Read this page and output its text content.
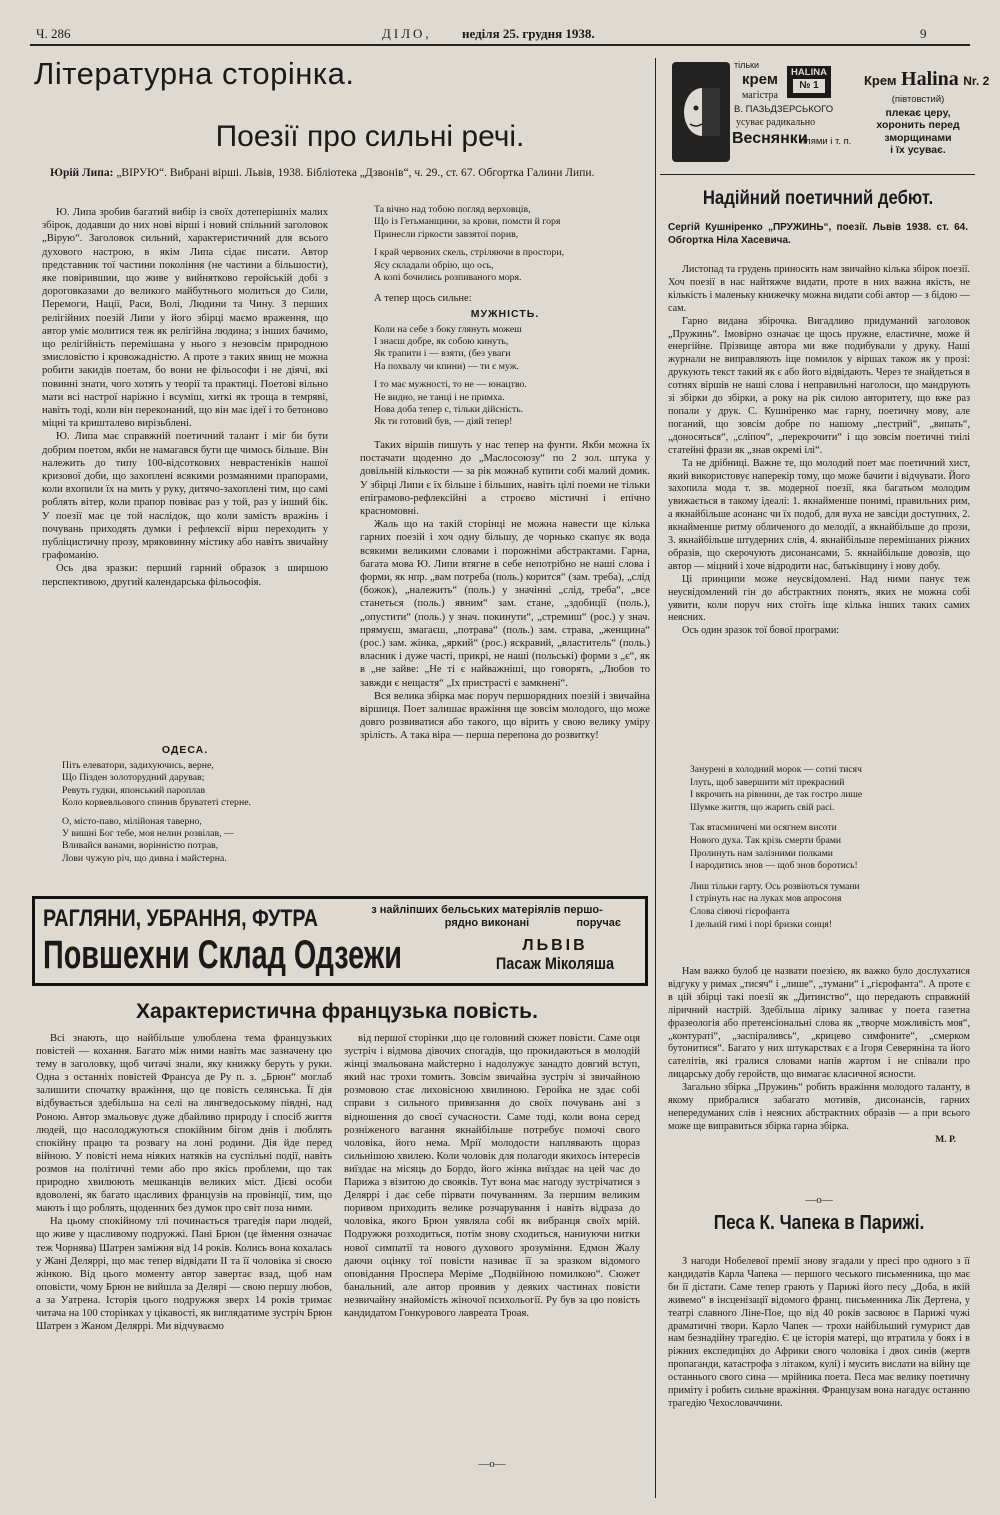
Ч. 286	ДІЛО, неділя 25. грудня 1938.	9
Літературна сторінка.
Поезії про сильні речі.
Юрій Липа: „ВІРУЮ“. Вибрані вірші. Львів, 1938. Бібліотека „Дзвонів“, ч. 29., ст. 67. Обгортка Галини Липи.

Ю. Липа зробив багатий вибір із своїх дотеперішніх малих збірок, додавши до них нові вірші і новий спільний заголовок „Вірую“. Заголовок сильний, характеристичний для всього духового настрою, в якім Липа сідає писати. Автор представник тої частини покоління (не частини а більшости), яке повірившии, що живе у вийнятково геройській добі з дороговказами до великого майбутнього молиться до Сили, Перемоги, Нації, Раси, Волі, Людини та Чину. З перших релігійних поезій Липи у його збірці маємо враження, що автор уміє молитися теж як релігійна людина; з інших бачимо, що релігійність перемішана у нього з незовсім природною змисловістю і кровожадністю. А проте з таких явищ не можна робити закидів поетам, бо вони не фільософи і не діячі, які повинні знати, чого хотять у теорії та практиці. Поетові вільно мати всі настрої наріжно і всуміш, хиткі як троща в темряві, навіть тоді, коли він переконаний, що він має ідеї і то бетоново міцні та кришталево вирізьблені.

Ю. Липа має справжній поетичний талант і міг би бути добрим поетом, якби не намагався бути ще чимось більше. Він належить до типу 100-відсоткових неврастеніків нашої кризової доби, що захоплені всякими розмаяними прапорами, коли вхопили їх на мить у руку, дитячо-захоплені тим, що самі роблять вітер, коли прапор повіває раз у той, раз у інший бік. У поезії має це той наслідок, що коли замість вражінь і почувань приходять думки і рефлексії вірш переходить у публіцистичну прозу, мряковинну містику або навіть звичайну графоманію.

Ось два зразки: перший гарний образок з ширшою перспективою, другий календарська фільософія.

ОДЕСА.
Піть елеватори, задихуючись, верне,
Що Пізден золоторудний дарував;
Ревуть гудки, японський пароплав
Коло корвевльового спинив бруватеті стерне.
О, місто-паво, мілійоная таверно,
У вишні Бог тебе, моя нелин розвілав, —
Вливайся ванами, ворінністю потрав,
Лови чужую річ, що дивна і майстерна.
Та вічно над тобою погляд верховців,
Що із Гетьманщини, за крови, помсти й горя
Принесли гіркости завзятої порив,
І край червоних скель, стріляючи в простори,
Ясу складали обрію, що ось,
А копі бочились розпиваного моря.
А тепер щось сильне:
МУЖНІСТЬ.
Коли на себе з боку глянуть можеш
І знаєш добре, як собою кинуть,
Як трапити і — взяти, (без уваги
На похвалу чи кпини) — ти є муж.
І то має мужності, то не — юнацтво.
Не видно, не танці і не примха.
Нова доба тепер є, тільки дійсність.
Як ти готовий був, — діяй тепер!

Таких віршів пишуть у нас тепер на фунти. Якби можна їх постачати щоденно до „Маслосоюзу“ по 2 зол. штука у довільній кількости — за рік можнаб купити собі малий домик. У збірці Липи є їх більше і більших, навіть цілі поеми не тільки епіграмово-рефлексійні а строєво містичні і епічно красномовні.

Жаль що на такій сторінці не можна навести ще кілька гарних поезій і хоч одну більшу, де чорнько скапує як вода всякими великими словами і порожніми абстрактами. Гарна, багата мова Ю. Липи втягне в себе непотрібно не наші слова і форми, як нпр. „вам потреба (поль.) корится“ (зам. треба), „слід (божок), „належить“ (поль.) у значінні „слід, треба“, „все станеться (поль.) явним“ зам. стане, „здобиції (поль.), „опустити“ (поль.) у знач. покинути“, „стремиш“ (рос.) у знач. прямуєш, змагаєш, „потрава“ (поль.) зам. страва, „женщина“ (рос.) зам. жінка, „яркий“ (рос.) яскравий, „властитель“ (поль.) власник і дуже часті, прикрі, не наші (польські) форми з „є“, як в „не зайве: „Не ті є найважніші, що говорять, „Любов то завжди є нещастя“ „Іх пристрасті є замкнені“.

Вся велика збірка має поруч першорядних поезій і звичайна віршиця. Поет залишає вражіння ще зовсім молодого, що може довго розвиватися або такого, що вірить у свою велику уміру зрілість. А така віра — перша перепона до розвитку!

тільки
крем
магістра
В. ПАЗЬДЗЕРСЬКОГО
усуває радикально
Веснянки
плями і т. п.
HALINA
№ 1	Крем Halina Nr. 2
(півтовстий)
плекає церу,
хоронить перед
зморщинами
і їх усуває.
Надійний поетичний дебют.
Сергій Кушніренко „ПРУЖИНЬ“, поезії. Львів 1938. ст. 64. Обгортка Ніла Хасевича.

Листопад та грудень приносять нам звичайно кілька збірок поезії. Хоч поезії в нас найтяжче видати, проте в них важна якість, не кількість і маленьку книжечку можна видати собі автор — з бідою — сам.

Гарно видана збірочка. Вигадливо придуманий заголовок „Пружинь“. Імовірно означає це щось пружне, еластичне, може й енергійне. Прізвище автора ми вже подибували у друку. Наші журнали не виправляють іще помилок у віршах також як у прозі: друкують текст такий як є або його відвідають. Через те знайдеться в сотнях віршів не наші слова і неправильні наголоси, що мандрують зі збірки до збірки, а року на рік силою авторитету, що вже раз попали у друк. С. Кушніренко має гарну, поетичну мову, але поганий, що зовсім добре по нашому „пестрий“, „випать“, „доносяться“, „сліпоч“, „перекрочити“ і що зовсім поетичні тиілі статейні фрази як „знав окремі ілі“.

Та не дрібниці. Важне те, що молодий поет має поетичний хист, який використовує наперекір тому, що може бачити і відчувати. Його захопила мода т. зв. модерної поезії, яка багатьом молодим увижається в такому ідеалі: 1. якнайменше понимі, правильних рим, а якнайбільше асонанс чи їх подоб, для вуха не завсіди доступних, 2. якнайменше ритму обличеного до мелодії, а якнайбільше до прози, 3. якнайбільше штудерних слів, 4. якнайбільше перемішаних ріжних образів, що скерочують дисонансами, 5. якнайбільше довозів, що автор — міцний і хоче відродити нас, батьківщину і нову добу.

Ці принципи може неусвідомлені. Над ними панує теж неусвідомлений гін до абстрактних понять, яких не можна собі уявити, коли поруч них стоїть іще кілька інших таких самих неясних.

Ось один зразок тої бової програми:

Занурені в холодний морок — сотні тисяч
Iлуть, щоб завершити міт прекрасний
І вкрочить на рівнини, де так гостро лише
Шумке життя, що жарить свій расі.
Так втасмничені ми осягнем висоти
Нового духа. Так крізь смерти брами
Пролинуть нам залізними полками
І народитись знов — щоб знов боротись!
Лиш тільки гарту. Ось розвіються тумани
І стрінуть нас на луках мов апросоня
Слова сіяючі гієрофанта
І дельній гимі і порі бризки сонця!

Нам важко булоб це назвати поезією, як важко було дослухатися відгуку у римах „тисяч“ і „лише“, „тумани“ і „гієрофанта“. А проте є в цій збірці такі поезії як „Дитинство“, що передають справжній ліричний настрій. Здебільша лірику заливає у поета газетна фразеологія або претенсіональні слова як „творче можливість моя“, „контураті“, „заспіраливсь“, „крицево симфоните“, „смерком бутонитися“. Багато у них штукарствах є а Ігоря Северяніна та його сателітів, які гралися словами напів жартом і не співали про лицарську добу геройств, що вимагає класичної ясности.

Загально збірка „Пружинь“ робить вражіння молодого таланту, в якому прибралися забагато мотивів, дисонансів, гарних непередуманих слів і неясних абстрактних образів — а при всього може ще виправиться збірка гарна збірка.

М. Р.
—o—
Песа К. Чапека в Парижі.

З нагоди Нобелевої премії знову згадали у пресі про одного з її кандидатів Карла Чапека — першого чеського письменника, що має би її дістати. Саме тепер грають у Парижі його песу „Доба, в якій живемо“ в інсценізації відомого франц. письменника Лік Дертена, у театрі славного Ліне-Пое, що від 40 років засвоює в Парижі чужі драматичні твори. Карло Чапек — трохи найбільший гумурист дав нам безнадійну трагедію. Є це історія матері, що втратила у боях і в ріжних експедиціях до Африки свого чоловіка і двох синів (жертв пропаганди, катастрофа з літаком, кулі) і мусить вислати на війну ще останнього свого сина — мрійника поета. Песа має велику поетичну приміту і робить сильне вражіння. Французам вона нагадує останню трагедію Чехословаччини.

РАГЛЯНИ, УБРАННЯ, ФУТРА	з найліпших бельських матеріялів першо-
рядно виконані	поручає
Повшехни Склад Одзежи	ЛЬВІВ
Пасаж Міколяша
Характеристична французька повість.

Всі знають, що найбільше улюблена тема французьких повістей — кохання. Багато між ними навіть має зазначену цю тему в заголовку, щоб читачі знали, яку книжку беруть у руки. Одна з останніх повістей Франсуа де Ру п. з. „Брюн“ моглаб залишити спочатку вражіння, що це повість селянська. Її дія відбувається здебільша на селі на лянгведоському півдні, над Роною. Автор змальовує дуже дбайливо природу і спосіб життя людей, що насолоджуються спокійним бігом днів і люблять спокійну працю та розвагу на лоні родини. Дія йде перед війною. У повісті нема ніяких натяків на суспільні події, навіть розмов на політичні теми або про якісь проблеми, що так природно хвилюють мешканців великих міст. Дієві особи вдоволені, як багато щасливих французів на провінції, тим, що мають і що роблять, щоденних без думок про світ поза ними.

На цьому спокійному тлі починається трагедія пари людей, що живе у щасливому подружжі. Пані Брюн (це ймення означає теж Чорнява) Шатрен заміжня від 14 років. Колись вона кохалась у Жані Деляррі, що має тепер відвідати ІІ та її чоловіка зі своєю жінкою. Від цього моменту автор завертає взад, щоб нам оповісти, чому Брюн не вийшла за Делярі — свою першу любов, а за Уатрена. Історія цього подружжя зверх 14 років тримає читача на 100 сторінках у цікавості, як виглядатиме зустріч Брюн Шатрен з Жаном Деляррі. Ми відчуваємо

від першої сторінки ,що це головний сюжет повісти. Саме оця зустріч і відмова дівочих спогадів, що прокидаються в молодій жінці змальована майстерно і надолужує занадто довгий вступ, який нас трохи томить. Зовсім звичайна зустріч зі звичайною розмовою стає лиховісною хвилиною. Геройка не здає собі справи з сильного привязання до своїх почувань ані з відношення до своєї сучасности. Саме тоді, коли вона серед розніженого вагання якнайбільше потребує помочі свого чоловіка, його нема. Мрії молодости наплявають щораз сильнішою хвилею. Коли чоловік для полагоди якихось інтересів виїздає на місяць до Бордо, його жінка виїздає на цей час до Парижа з візитою до свояків. Тут вона має нагоду зустрічатися з Деляррі і дає себе пірвати почуванням. За першим великим поривом приходить велике розчарування і навіть відраза до чоловіка, якого Брюн уявляла собі як вибранця своїх мрій. Подружжя розходиться, потім знову сходиться, наниуючи нитки нової симпатії та нового духового зрозуміння. Едмон Жалу даючи оцінку тої повісти називає її за зразком відомого оповідання Проспера Меріме „Подвійною помилкою“. Сюжет банальний, але автор проявив у деяких частинах повісти незвичайну знайомість жіночої психольогії. Ру був за цю повість кандидатом Гонкурового лавреата Троая.

—o—
